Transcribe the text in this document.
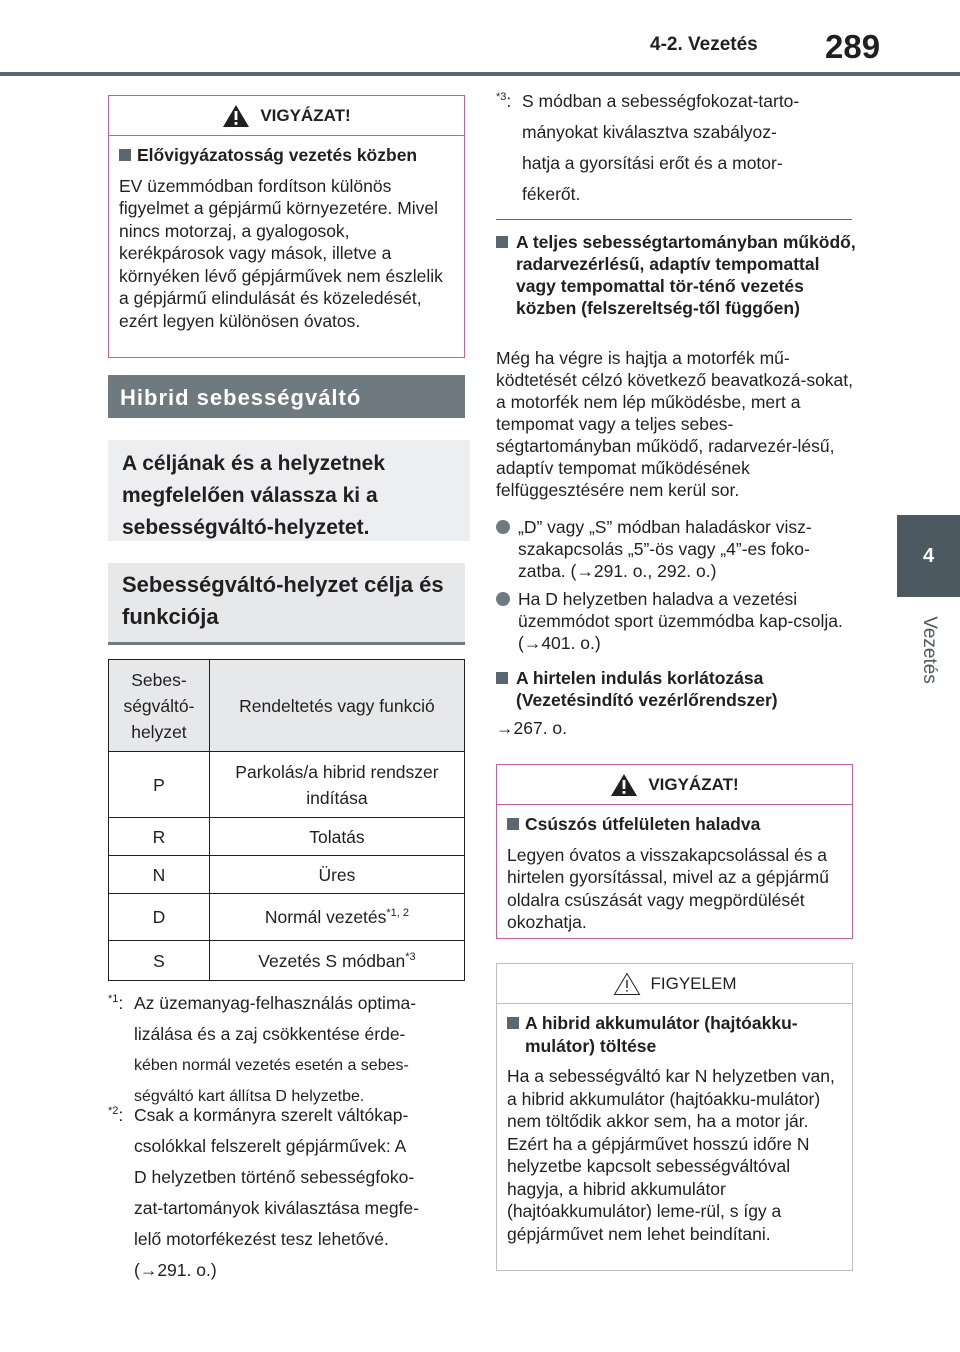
4-2. Vezetés 289
4
Vezetés
VIGYÁZAT!
Elővigyázatosság vezetés közben
EV üzemmódban fordítson különös figyelmet a gépjármű környezetére. Mivel nincs motorzaj, a gyalogosok, kerékpárosok vagy mások, illetve a környéken lévő gépjárművek nem észlelik a gépjármű elindulását és közeledését, ezért legyen különösen óvatos.
Hibrid sebességváltó
A céljának és a helyzetnek megfelelően válassza ki a sebességváltó-helyzetet.
Sebességváltó-helyzet célja és funkciója
Sebes-
ségváltó-
helyzet	Rendeltetés vagy funkció
P	Parkolás/a hibrid rendszer
indítása
R	Tolatás
N	Üres
D	Normál vezetés$^{*1, 2}$
S	Vezetés S módban$^{*3}$
$^{*1}$: Az üzemanyag-felhasználás optima-
lizálása és a zaj csökkentése érde-
kében normál vezetés esetén a sebes-
ségváltó kart állítsa D helyzetbe.
$^{*2}$: Csak a kormányra szerelt váltókap-
csolókkal felszerelt gépjárművek: A
D helyzetben történő sebességfoko-
zat-tartományok kiválasztása megfe-
lelő motorfékezést tesz lehetővé.
(→291. o.)
$^{*3}$: S módban a sebességfokozat-tarto-
mányokat kiválasztva szabályoz-
hatja a gyorsítási erőt és a motor-
fékerőt.
A teljes sebességtartományban működő, radarvezérlésű, adaptív tempomattal vagy tempomattal tör-ténő vezetés közben (felszereltség-től függően)
Még ha végre is hajtja a motorfék mű-ködtetését célzó következő beavatkozá-sokat, a motorfék nem lép működésbe, mert a tempomat vagy a teljes sebes-ségtartományban működő, radarvezér-lésű, adaptív tempomat működésének felfüggesztésére nem kerül sor.
„D” vagy „S” módban haladáskor visz-szakapcsolás „5”-ös vagy „4”-es foko-zatba. (→291. o., 292. o.)
Ha D helyzetben haladva a vezetési üzemmódot sport üzemmódba kap-csolja. (→401. o.)
A hirtelen indulás korlátozása (Vezetésindító vezérlőrendszer)
→267. o.
VIGYÁZAT!
Csúszós útfelületen haladva
Legyen óvatos a visszakapcsolással és a hirtelen gyorsítással, mivel az a gépjármű oldalra csúszását vagy megpördülését okozhatja.
FIGYELEM
A hibrid akkumulátor (hajtóakku-mulátor) töltése
Ha a sebességváltó kar N helyzetben van, a hibrid akkumulátor (hajtóakku-mulátor) nem töltődik akkor sem, ha a motor jár. Ezért ha a gépjárművet hosszú időre N helyzetbe kapcsolt sebességváltóval hagyja, a hibrid akkumulátor (hajtóakkumulátor) leme-rül, s így a gépjárművet nem lehet beindítani.
